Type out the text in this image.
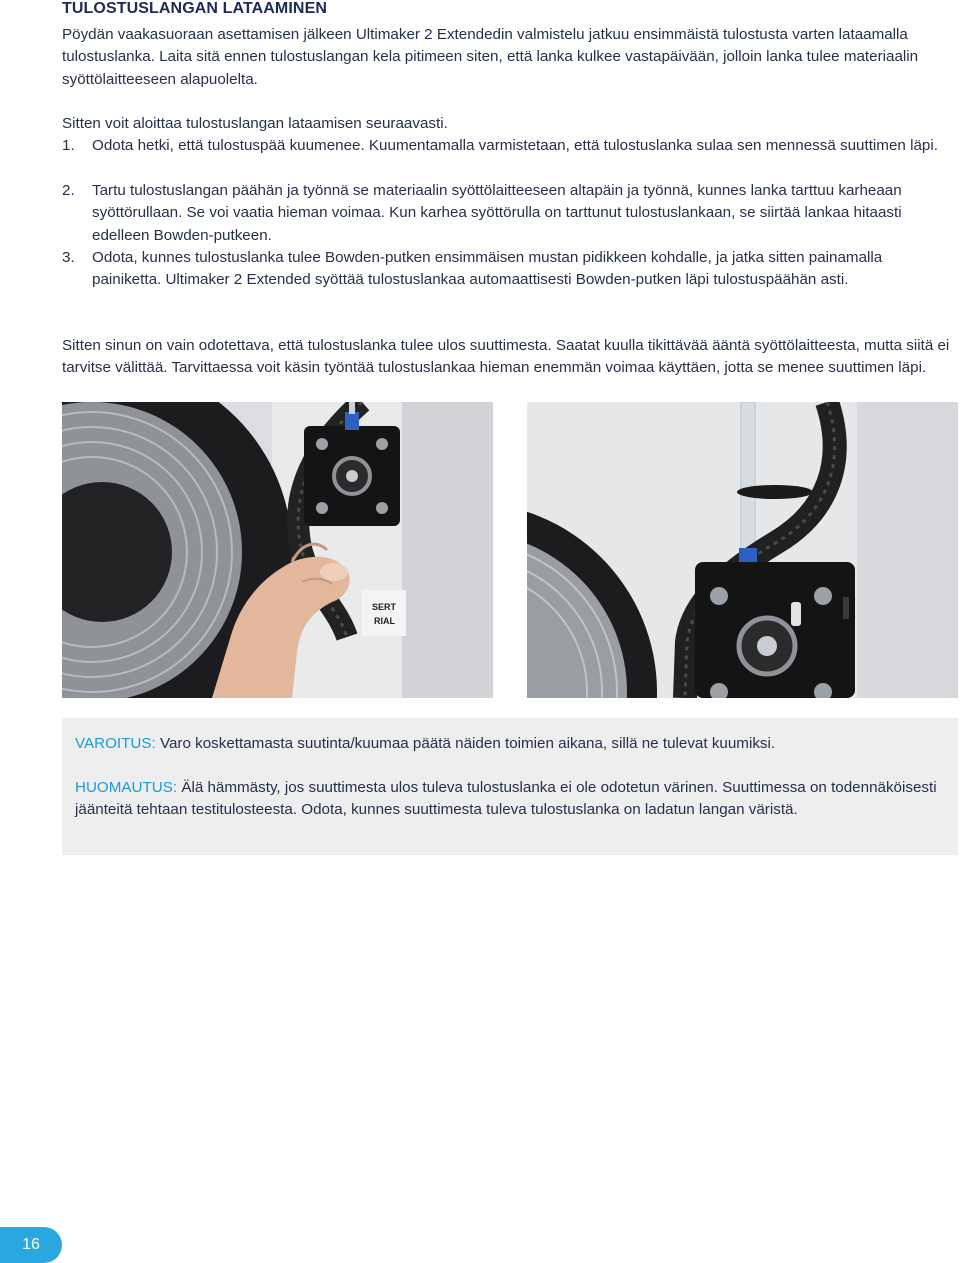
TULOSTUSLANGAN LATAAMINEN

Pöydän vaakasuoraan asettamisen jälkeen Ultimaker 2 Extendedin valmistelu jatkuu ensimmäistä tulostusta varten lataamalla tulostuslanka. Laita sitä ennen tulostuslangan kela pitimeen siten, että lanka kulkee vastapäivään, jolloin lanka tulee materiaalin syöttölaitteeseen alapuolelta.

Sitten voit aloittaa tulostuslangan lataamisen seuraavasti.

1. Odota hetki, että tulostuspää kuumenee. Kuumentamalla varmistetaan, että tulostuslanka sulaa sen mennessä suuttimen läpi.
2. Tartu tulostuslangan päähän ja työnnä se materiaalin syöttölaitteeseen altapäin ja työnnä, kunnes lanka tarttuu karheaan syöttörullaan. Se voi vaatia hieman voimaa. Kun karhea syöttörulla on tarttunut tulostuslankaan, se siirtää lankaa hitaasti edelleen Bowden-putkeen.
3. Odota, kunnes tulostuslanka tulee Bowden-putken ensimmäisen mustan pidikkeen kohdalle, ja jatka sitten painamalla painiketta. Ultimaker 2 Extended syöttää tulostuslankaa automaattisesti Bowden-putken läpi tulostuspäähän asti.

Sitten sinun on vain odotettava, että tulostuslanka tulee ulos suuttimesta. Saatat kuulla tikittävää ääntä syöttölaitteesta, mutta siitä ei tarvitse välittää. Tarvittaessa voit käsin työntää tulostuslankaa hieman enemmän voimaa käyttäen, jotta se menee suuttimen läpi.

SERT
RIAL

VAROITUS: Varo koskettamasta suutinta/kuumaa päätä näiden toimien aikana, sillä ne tulevat kuumiksi.

HUOMAUTUS: Älä hämmästy, jos suuttimesta ulos tuleva tulostuslanka ei ole odotetun värinen. Suuttimessa on todennäköisesti jäänteitä tehtaan testitulosteesta. Odota, kunnes suuttimesta tuleva tulostuslanka on ladatun langan väristä.

16
